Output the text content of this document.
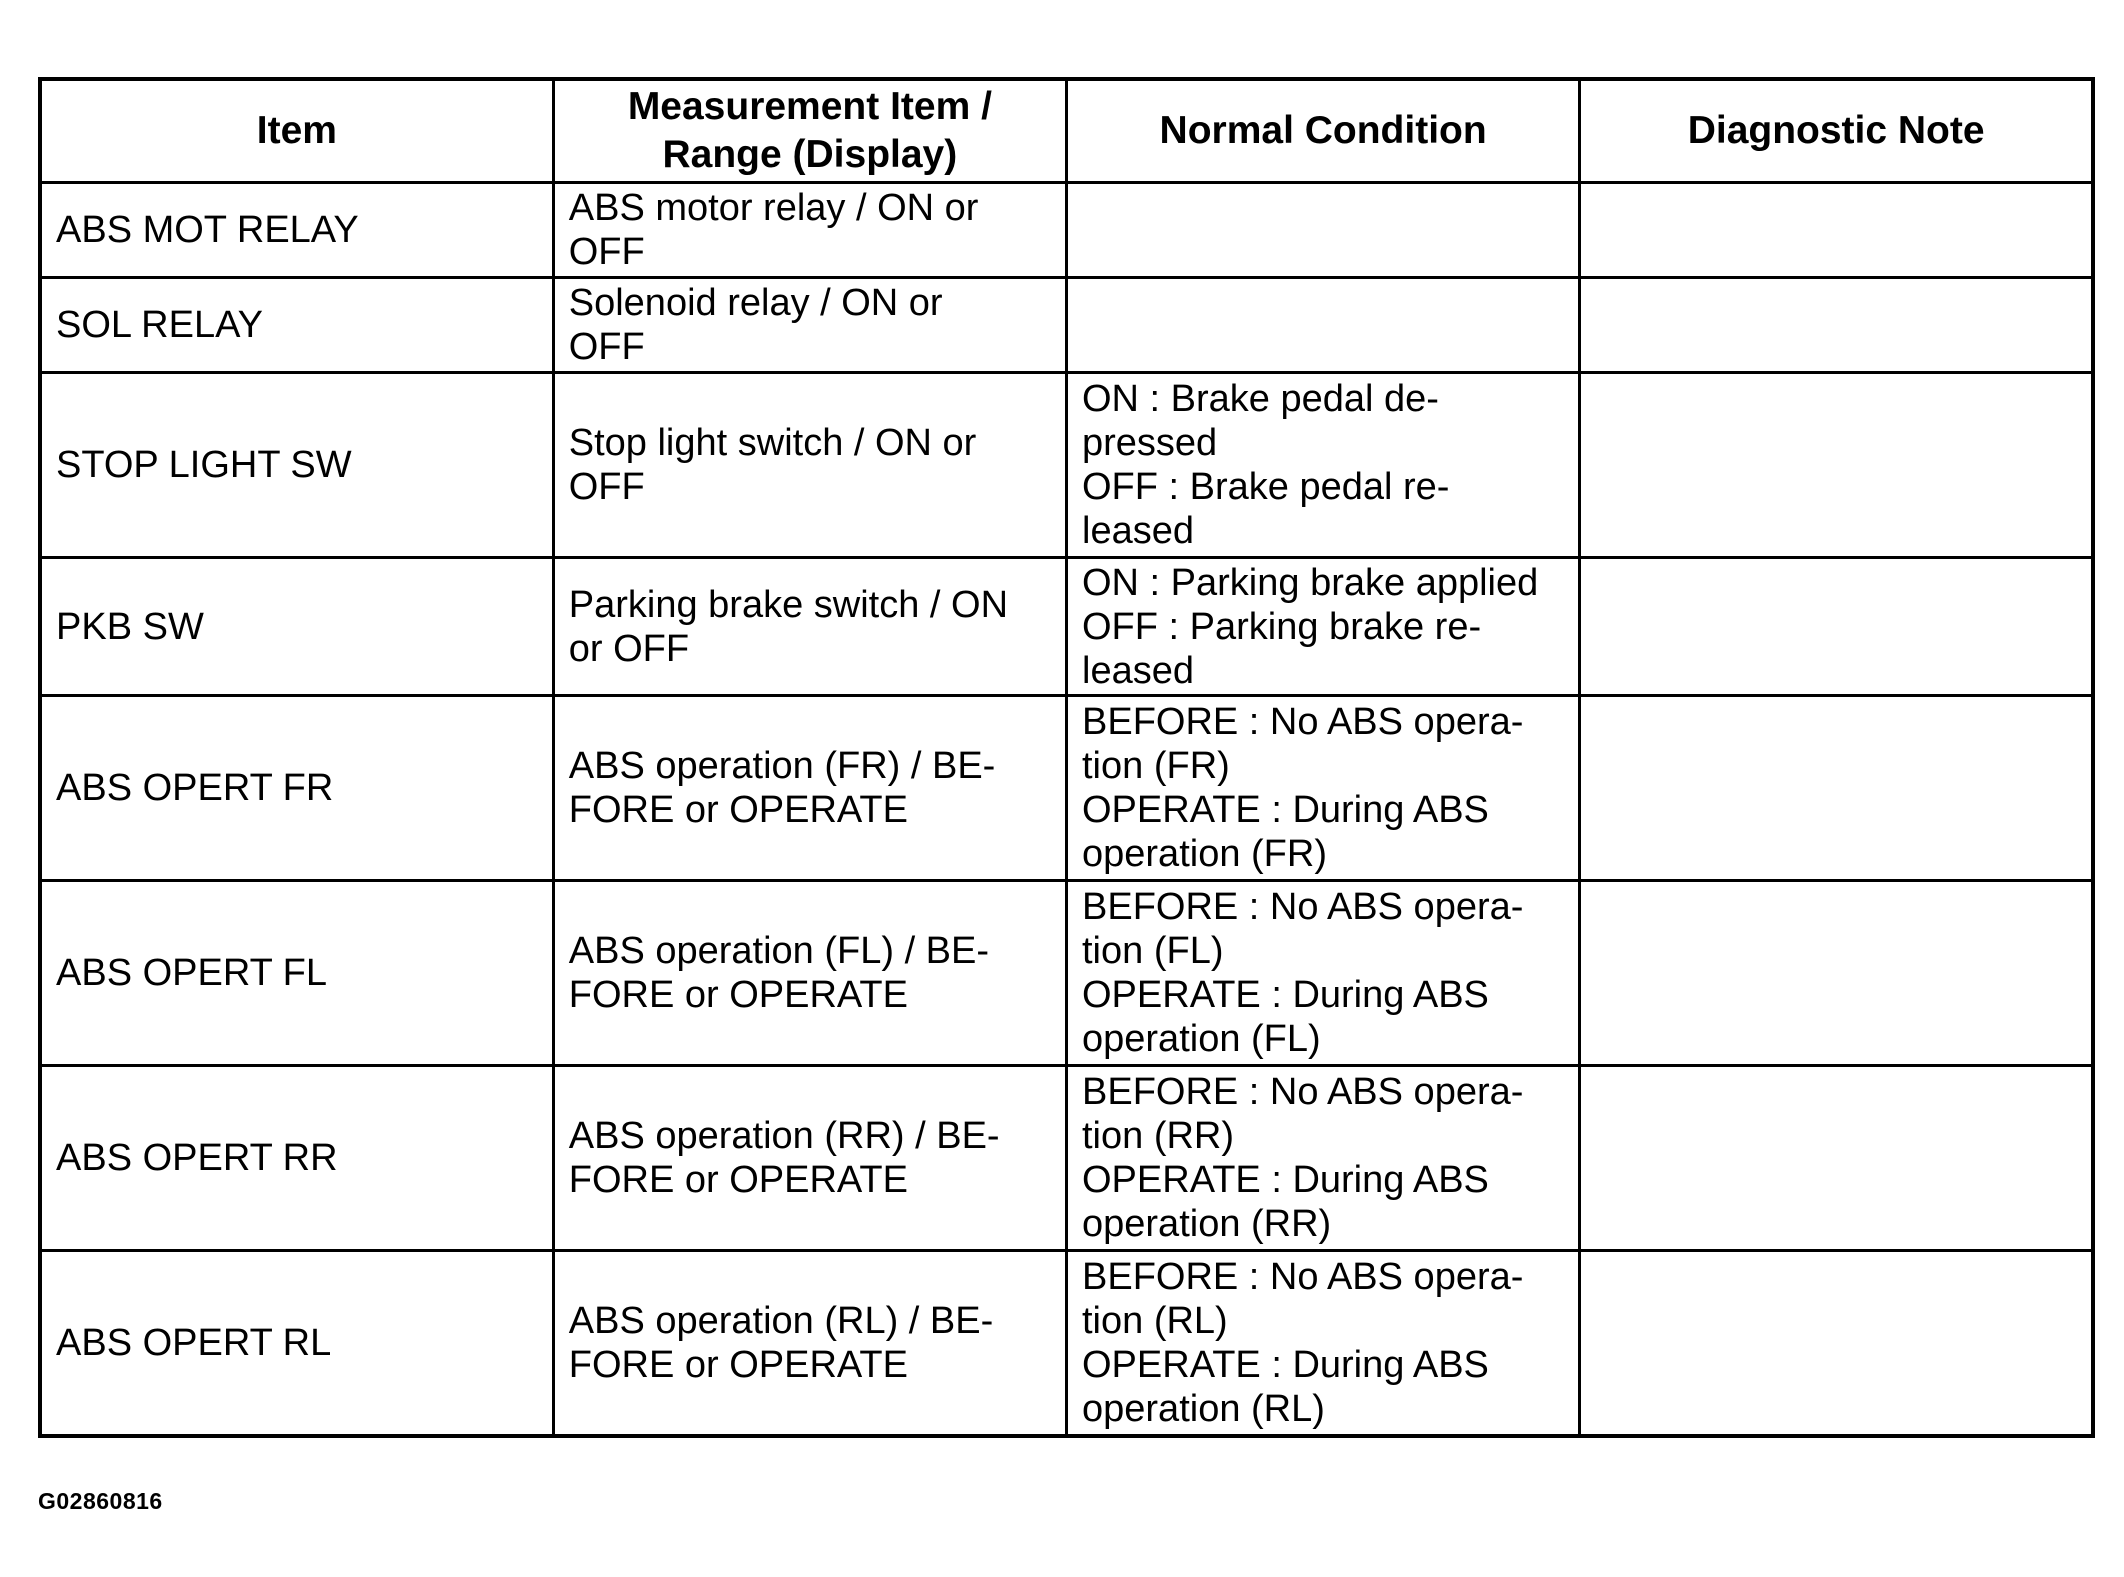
Item	Measurement Item /
Range (Display)	Normal Condition	Diagnostic Note
ABS MOT RELAY	ABS motor relay / ON or
OFF		
SOL RELAY	Solenoid relay / ON or
OFF		
STOP LIGHT SW	Stop light switch / ON or
OFF	ON : Brake pedal de-
pressed
OFF : Brake pedal re-
leased	
PKB SW	Parking brake switch / ON
or OFF	ON : Parking brake applied
OFF : Parking brake re-
leased	
ABS OPERT FR	ABS operation (FR) / BE-
FORE or OPERATE	BEFORE : No ABS opera-
tion (FR)
OPERATE : During ABS
operation (FR)	
ABS OPERT FL	ABS operation (FL) / BE-
FORE or OPERATE	BEFORE : No ABS opera-
tion (FL)
OPERATE : During ABS
operation (FL)	
ABS OPERT RR	ABS operation (RR) / BE-
FORE or OPERATE	BEFORE : No ABS opera-
tion (RR)
OPERATE : During ABS
operation (RR)	
ABS OPERT RL	ABS operation (RL) / BE-
FORE or OPERATE	BEFORE : No ABS opera-
tion (RL)
OPERATE : During ABS
operation (RL)	
G02860816
